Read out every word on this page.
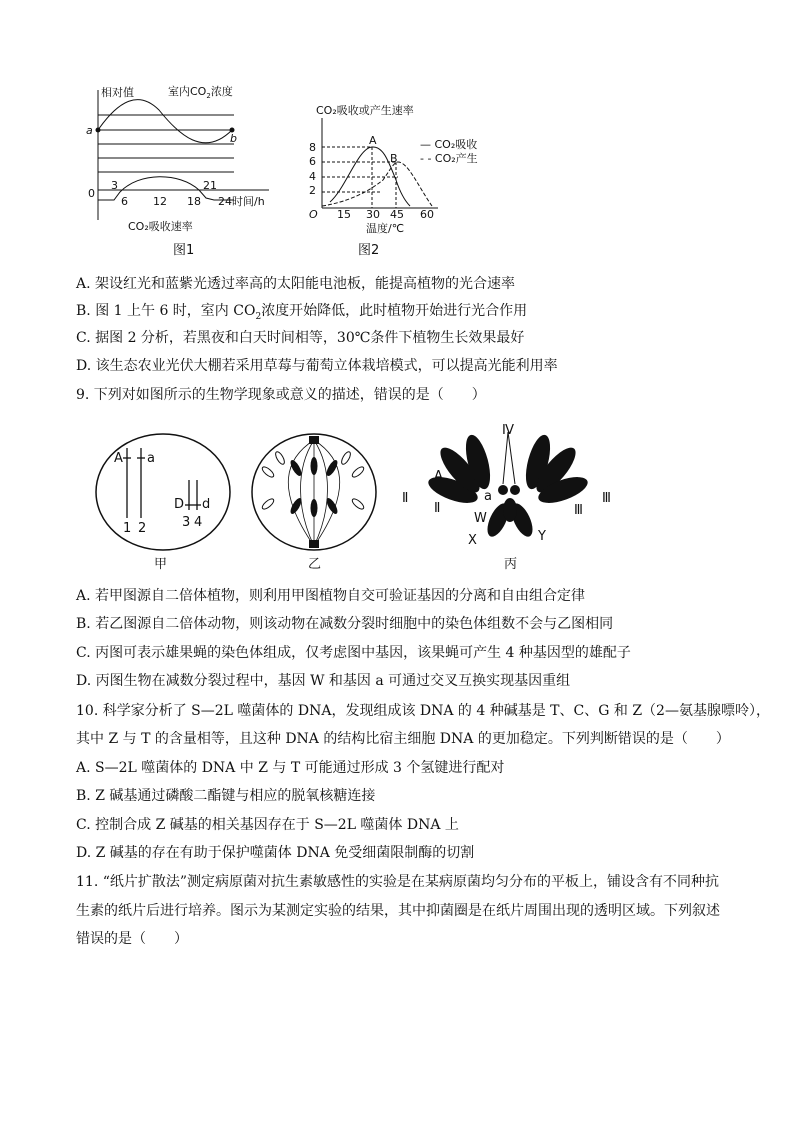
相对值	室内$CO_2$浓度
a
b
0
3	21
6 12 18 24 时间/h
CO₂吸收速率
图1
CO₂吸收或产生速率
8
6
4
2
O 15 30 45 60
温度/℃
A
B
— CO₂吸收
- - CO₂产生
图2
A. 架设红光和蓝紫光透过率高的太阳能电池板，能提高植物的光合速率
B. 图 1 上午 6 时，室内 $CO_2$浓度开始降低，此时植物开始进行光合作用
C. 据图 2 分析，若黑夜和白天时间相等，30℃条件下植物生长效果最好
D. 该生态农业光伏大棚若采用草莓与葡萄立体栽培模式，可以提高光能利用率
9. 下列对如图所示的生物学现象或意义的描述，错误的是（　　）
A a
1 2
D d
3 4
甲	乙
Ⅳ
A
Ⅱ
Ⅱ
a
W
X	Y
Ⅲ
Ⅲ
丙
A. 若甲图源自二倍体植物，则利用甲图植物自交可验证基因的分离和自由组合定律
B. 若乙图源自二倍体动物，则该动物在减数分裂时细胞中的染色体组数不会与乙图相同
C. 丙图可表示雄果蝇的染色体组成，仅考虑图中基因，该果蝇可产生 4 种基因型的雄配子
D. 丙图生物在减数分裂过程中，基因 W 和基因 a 可通过交叉互换实现基因重组
10. 科学家分析了 S—2L 噬菌体的 DNA，发现组成该 DNA 的 4 种碱基是 T、C、G 和 Z（2—氨基腺嘌呤），
其中 Z 与 T 的含量相等，且这种 DNA 的结构比宿主细胞 DNA 的更加稳定。下列判断错误的是（　　）
A. S—2L 噬菌体的 DNA 中 Z 与 T 可能通过形成 3 个氢键进行配对
B. Z 碱基通过磷酸二酯键与相应的脱氧核糖连接
C. 控制合成 Z 碱基的相关基因存在于 S—2L 噬菌体 DNA 上
D. Z 碱基的存在有助于保护噬菌体 DNA 免受细菌限制酶的切割
11. “纸片扩散法”测定病原菌对抗生素敏感性的实验是在某病原菌均匀分布的平板上，铺设含有不同种抗
生素的纸片后进行培养。图示为某测定实验的结果，其中抑菌圈是在纸片周围出现的透明区域。下列叙述
错误的是（　　）
